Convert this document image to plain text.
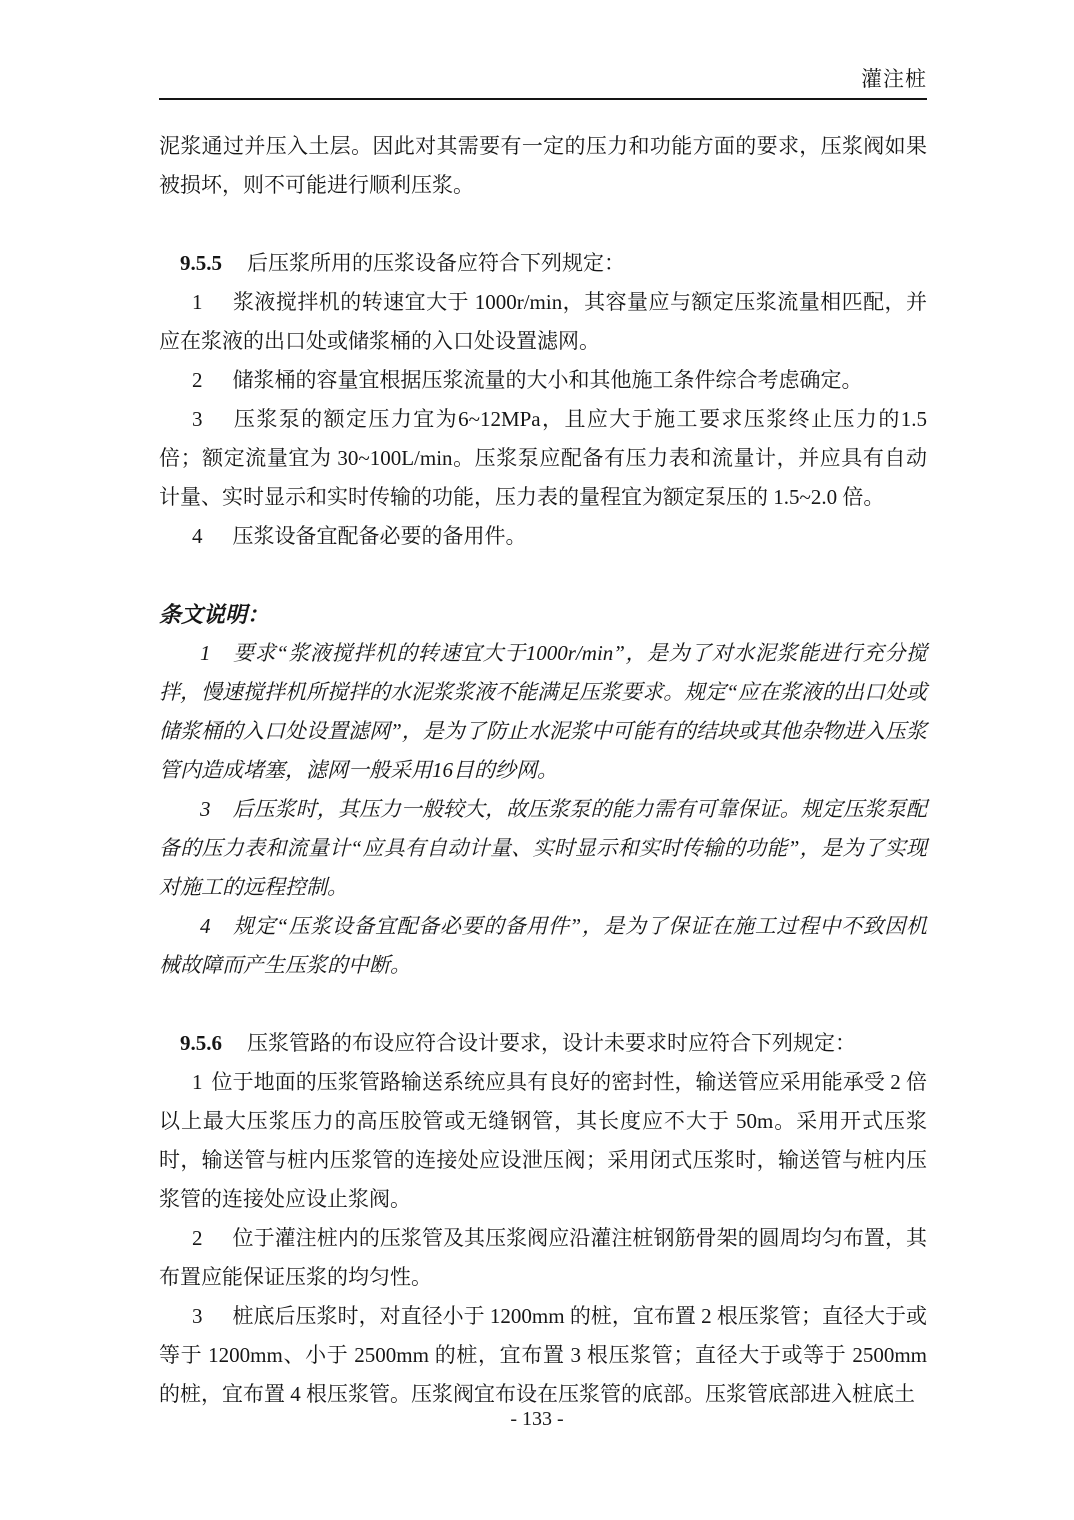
灌注桩

泥浆通过并压入土层。因此对其需要有一定的压力和功能方面的要求，压浆阀如果被损坏，则不可能进行顺利压浆。

9.5.5 后压浆所用的压浆设备应符合下列规定：

1 浆液搅拌机的转速宜大于 1000r/min，其容量应与额定压浆流量相匹配，并应在浆液的出口处或储浆桶的入口处设置滤网。

2 储浆桶的容量宜根据压浆流量的大小和其他施工条件综合考虑确定。

3 压浆泵的额定压力宜为6~12MPa，且应大于施工要求压浆终止压力的1.5倍；额定流量宜为 30~100L/min。压浆泵应配备有压力表和流量计，并应具有自动计量、实时显示和实时传输的功能，压力表的量程宜为额定泵压的 1.5~2.0 倍。

4 压浆设备宜配备必要的备用件。

条文说明：

1 要求“浆液搅拌机的转速宜大于1000r/min”，是为了对水泥浆能进行充分搅拌，慢速搅拌机所搅拌的水泥浆浆液不能满足压浆要求。规定“应在浆液的出口处或储浆桶的入口处设置滤网”，是为了防止水泥浆中可能有的结块或其他杂物进入压浆管内造成堵塞，滤网一般采用16目的纱网。

3 后压浆时，其压力一般较大，故压浆泵的能力需有可靠保证。规定压浆泵配备的压力表和流量计“应具有自动计量、实时显示和实时传输的功能”，是为了实现对施工的远程控制。

4 规定“压浆设备宜配备必要的备用件”，是为了保证在施工过程中不致因机械故障而产生压浆的中断。

9.5.6 压浆管路的布设应符合设计要求，设计未要求时应符合下列规定：

1 位于地面的压浆管路输送系统应具有良好的密封性，输送管应采用能承受 2 倍以上最大压浆压力的高压胶管或无缝钢管，其长度应不大于 50m。采用开式压浆时，输送管与桩内压浆管的连接处应设泄压阀；采用闭式压浆时，输送管与桩内压浆管的连接处应设止浆阀。

2 位于灌注桩内的压浆管及其压浆阀应沿灌注桩钢筋骨架的圆周均匀布置，其布置应能保证压浆的均匀性。

3 桩底后压浆时，对直径小于 1200mm 的桩，宜布置 2 根压浆管；直径大于或等于 1200mm、小于 2500mm 的桩，宜布置 3 根压浆管；直径大于或等于 2500mm 的桩，宜布置 4 根压浆管。压浆阀宜布设在压浆管的底部。压浆管底部进入桩底土

- 133 -
